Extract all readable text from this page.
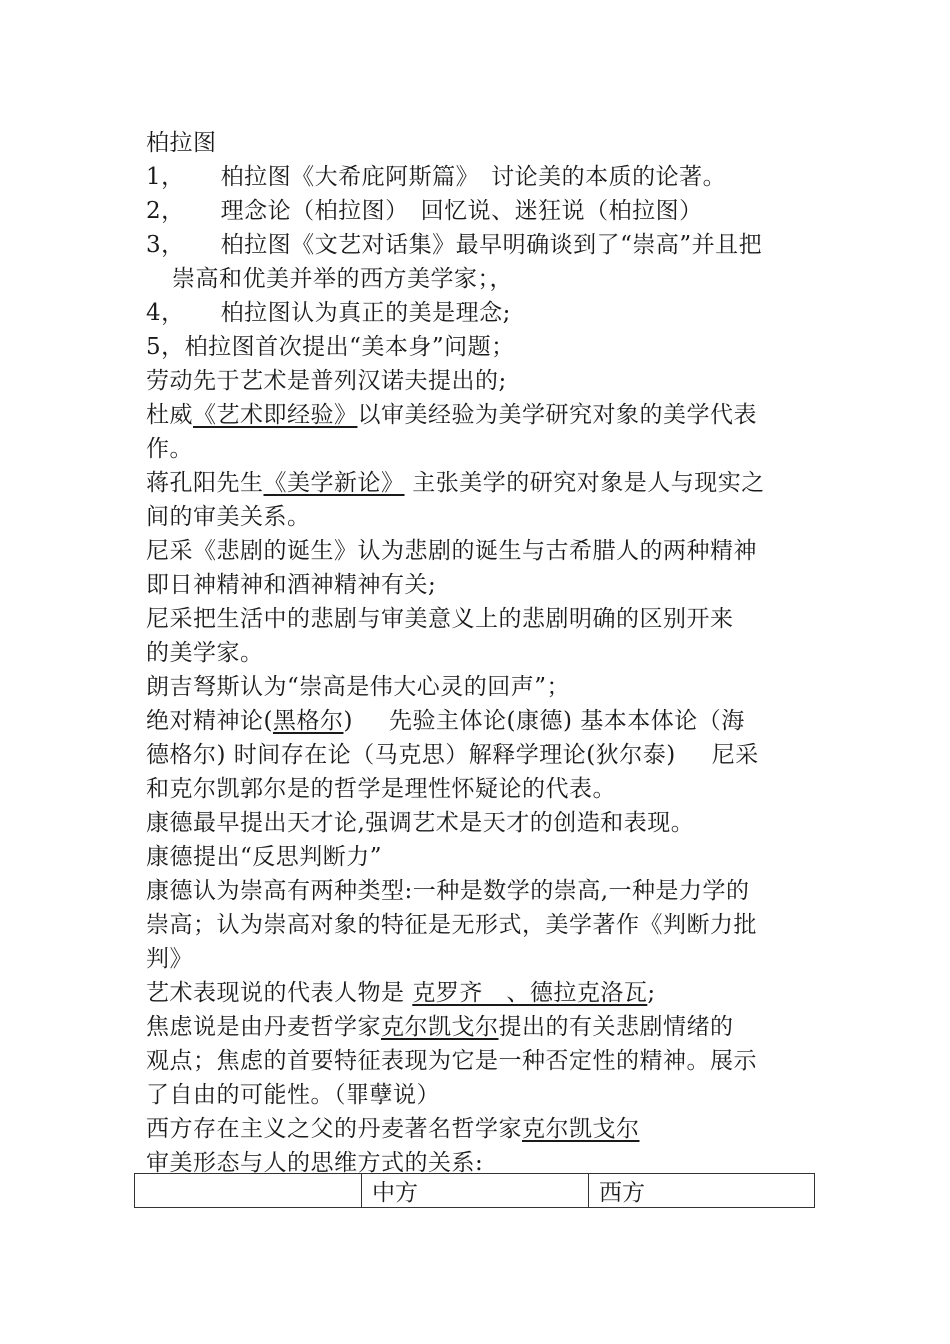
柏拉图
1， 柏拉图《大希庇阿斯篇》　讨论美的本质的论著。
2， 理念论（柏拉图）　回忆说、迷狂说（柏拉图）
3， 柏拉图《文艺对话集》最早明确谈到了“崇高”并且把
崇高和优美并举的西方美学家；，
4， 柏拉图认为真正的美是理念;
5，柏拉图首次提出“美本身”问题；
劳动先于艺术是普列汉诺夫提出的;
杜威《艺术即经验》以审美经验为美学研究对象的美学代表
作。
蒋孔阳先生《美学新论》 主张美学的研究对象是人与现实之
间的审美关系。
尼采《悲剧的诞生》认为悲剧的诞生与古希腊人的两种精神
即日神精神和酒神精神有关;
尼采把生活中的悲剧与审美意义上的悲剧明确的区别开来
的美学家。
朗吉弩斯认为“崇高是伟大心灵的回声”；
绝对精神论(黑格尔) 先验主体论(康德) 基本本体论（海
德格尔) 时间存在论（马克思）解释学理论(狄尔泰) 尼采
和克尔凯郭尔是的哲学是理性怀疑论的代表。
康德最早提出天才论,强调艺术是天才的创造和表现。
康德提出“反思判断力”
康德认为崇高有两种类型:一种是数学的崇高,一种是力学的
崇高；认为崇高对象的特征是无形式，美学著作《判断力批
判》
艺术表现说的代表人物是 克罗齐　、德拉克洛瓦;
焦虑说是由丹麦哲学家克尔凯戈尔提出的有关悲剧情绪的
观点；焦虑的首要特征表现为它是一种否定性的精神。展示
了自由的可能性。（罪孽说）
西方存在主义之父的丹麦著名哲学家克尔凯戈尔
审美形态与人的思维方式的关系:
	中方	西方
